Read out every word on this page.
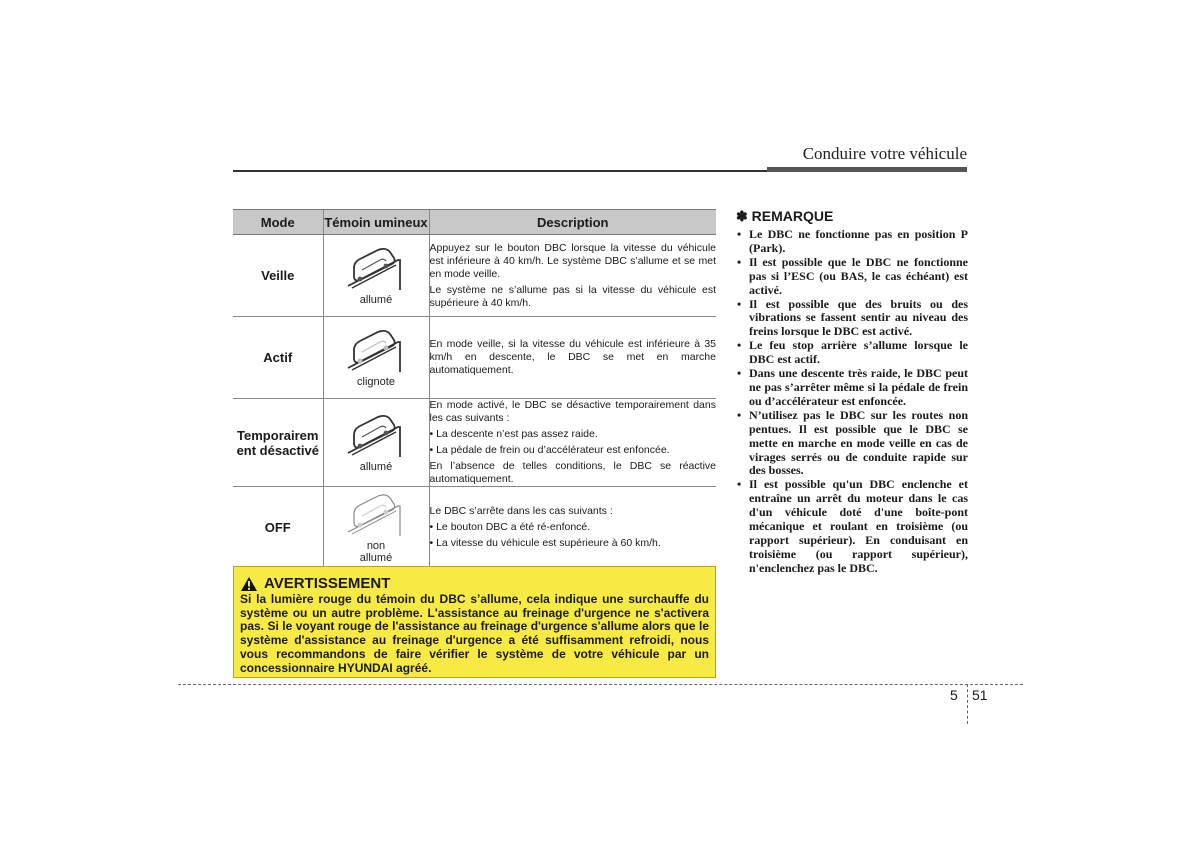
Conduire votre véhicule
Mode	Témoin umineux	Description
Veille	allumé	Appuyez sur le bouton DBC lorsque la vitesse du véhicule est inférieure à 40 km/h. Le système DBC s’allume et se met en mode veille.

Le système ne s’allume pas si la vitesse du véhicule est supérieure à 40 km/h.

Actif	clignote	En mode veille, si la vitesse du véhicule est inférieure à 35 km/h en descente, le DBC se met en marche automatiquement.

Temporairem ent désactivé	allumé	En mode activé, le DBC se désactive temporairement dans les cas suivants :

• La descente n’est pas assez raide.

• La pédale de frein ou d’accélérateur est enfoncée.

En l’absence de telles conditions, le DBC se réactive automatiquement.

OFF	non allumé	Le DBC s’arrête dans les cas suivants :

• Le bouton DBC a été ré-enfoncé.

• La vitesse du véhicule est supérieure à 60 km/h.

AVERTISSEMENT
Si la lumière rouge du témoin du DBC s’allume, cela indique une surchauffe du système ou un autre problème. L'assistance au freinage d'urgence ne s'activera pas. Si le voyant rouge de l'assistance au freinage d'urgence s'allume alors que le système d'assistance au freinage d'urgence a été suffisamment refroidi, nous vous recommandons de faire vérifier le système de votre véhicule par un concessionnaire HYUNDAI agréé.
✽ REMARQUE
• Le DBC ne fonctionne pas en position P (Park).
• Il est possible que le DBC ne fonctionne pas si l’ESC (ou BAS, le cas échéant) est activé.
• Il est possible que des bruits ou des vibrations se fassent sentir au niveau des freins lorsque le DBC est activé.
• Le feu stop arrière s’allume lorsque le DBC est actif.
• Dans une descente très raide, le DBC peut ne pas s’arrêter même si la pédale de frein ou d’accélérateur est enfoncée.
• N’utilisez pas le DBC sur les routes non pentues. Il est possible que le DBC se mette en marche en mode veille en cas de virages serrés ou de conduite rapide sur des bosses.
• Il est possible qu'un DBC enclenche et entraîne un arrêt du moteur dans le cas d'un véhicule doté d'une boîte-pont mécanique et roulant en troisième (ou rapport supérieur). En conduisant en troisième (ou rapport supérieur), n'enclenchez pas le DBC.
5 51
